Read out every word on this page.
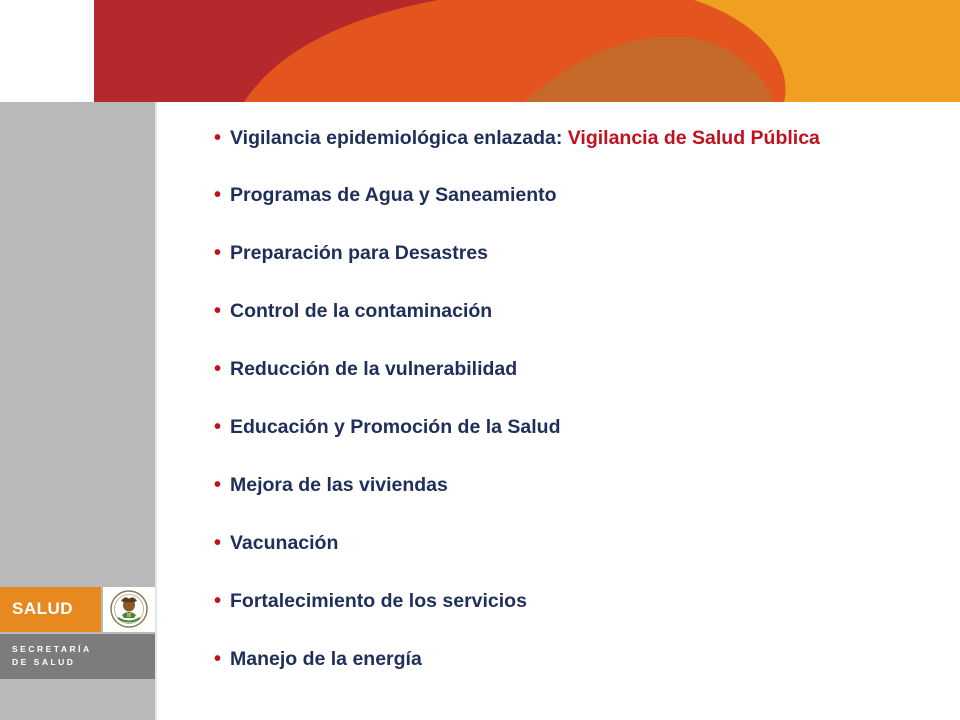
SALUD
SECRETARÍA
DE SALUD
• Vigilancia epidemiológica enlazada: Vigilancia de Salud Pública
• Programas de Agua y Saneamiento
• Preparación para Desastres
• Control de la contaminación
• Reducción de la vulnerabilidad
• Educación y Promoción de la Salud
• Mejora de las viviendas
• Vacunación
• Fortalecimiento de los servicios
• Manejo de la energía
